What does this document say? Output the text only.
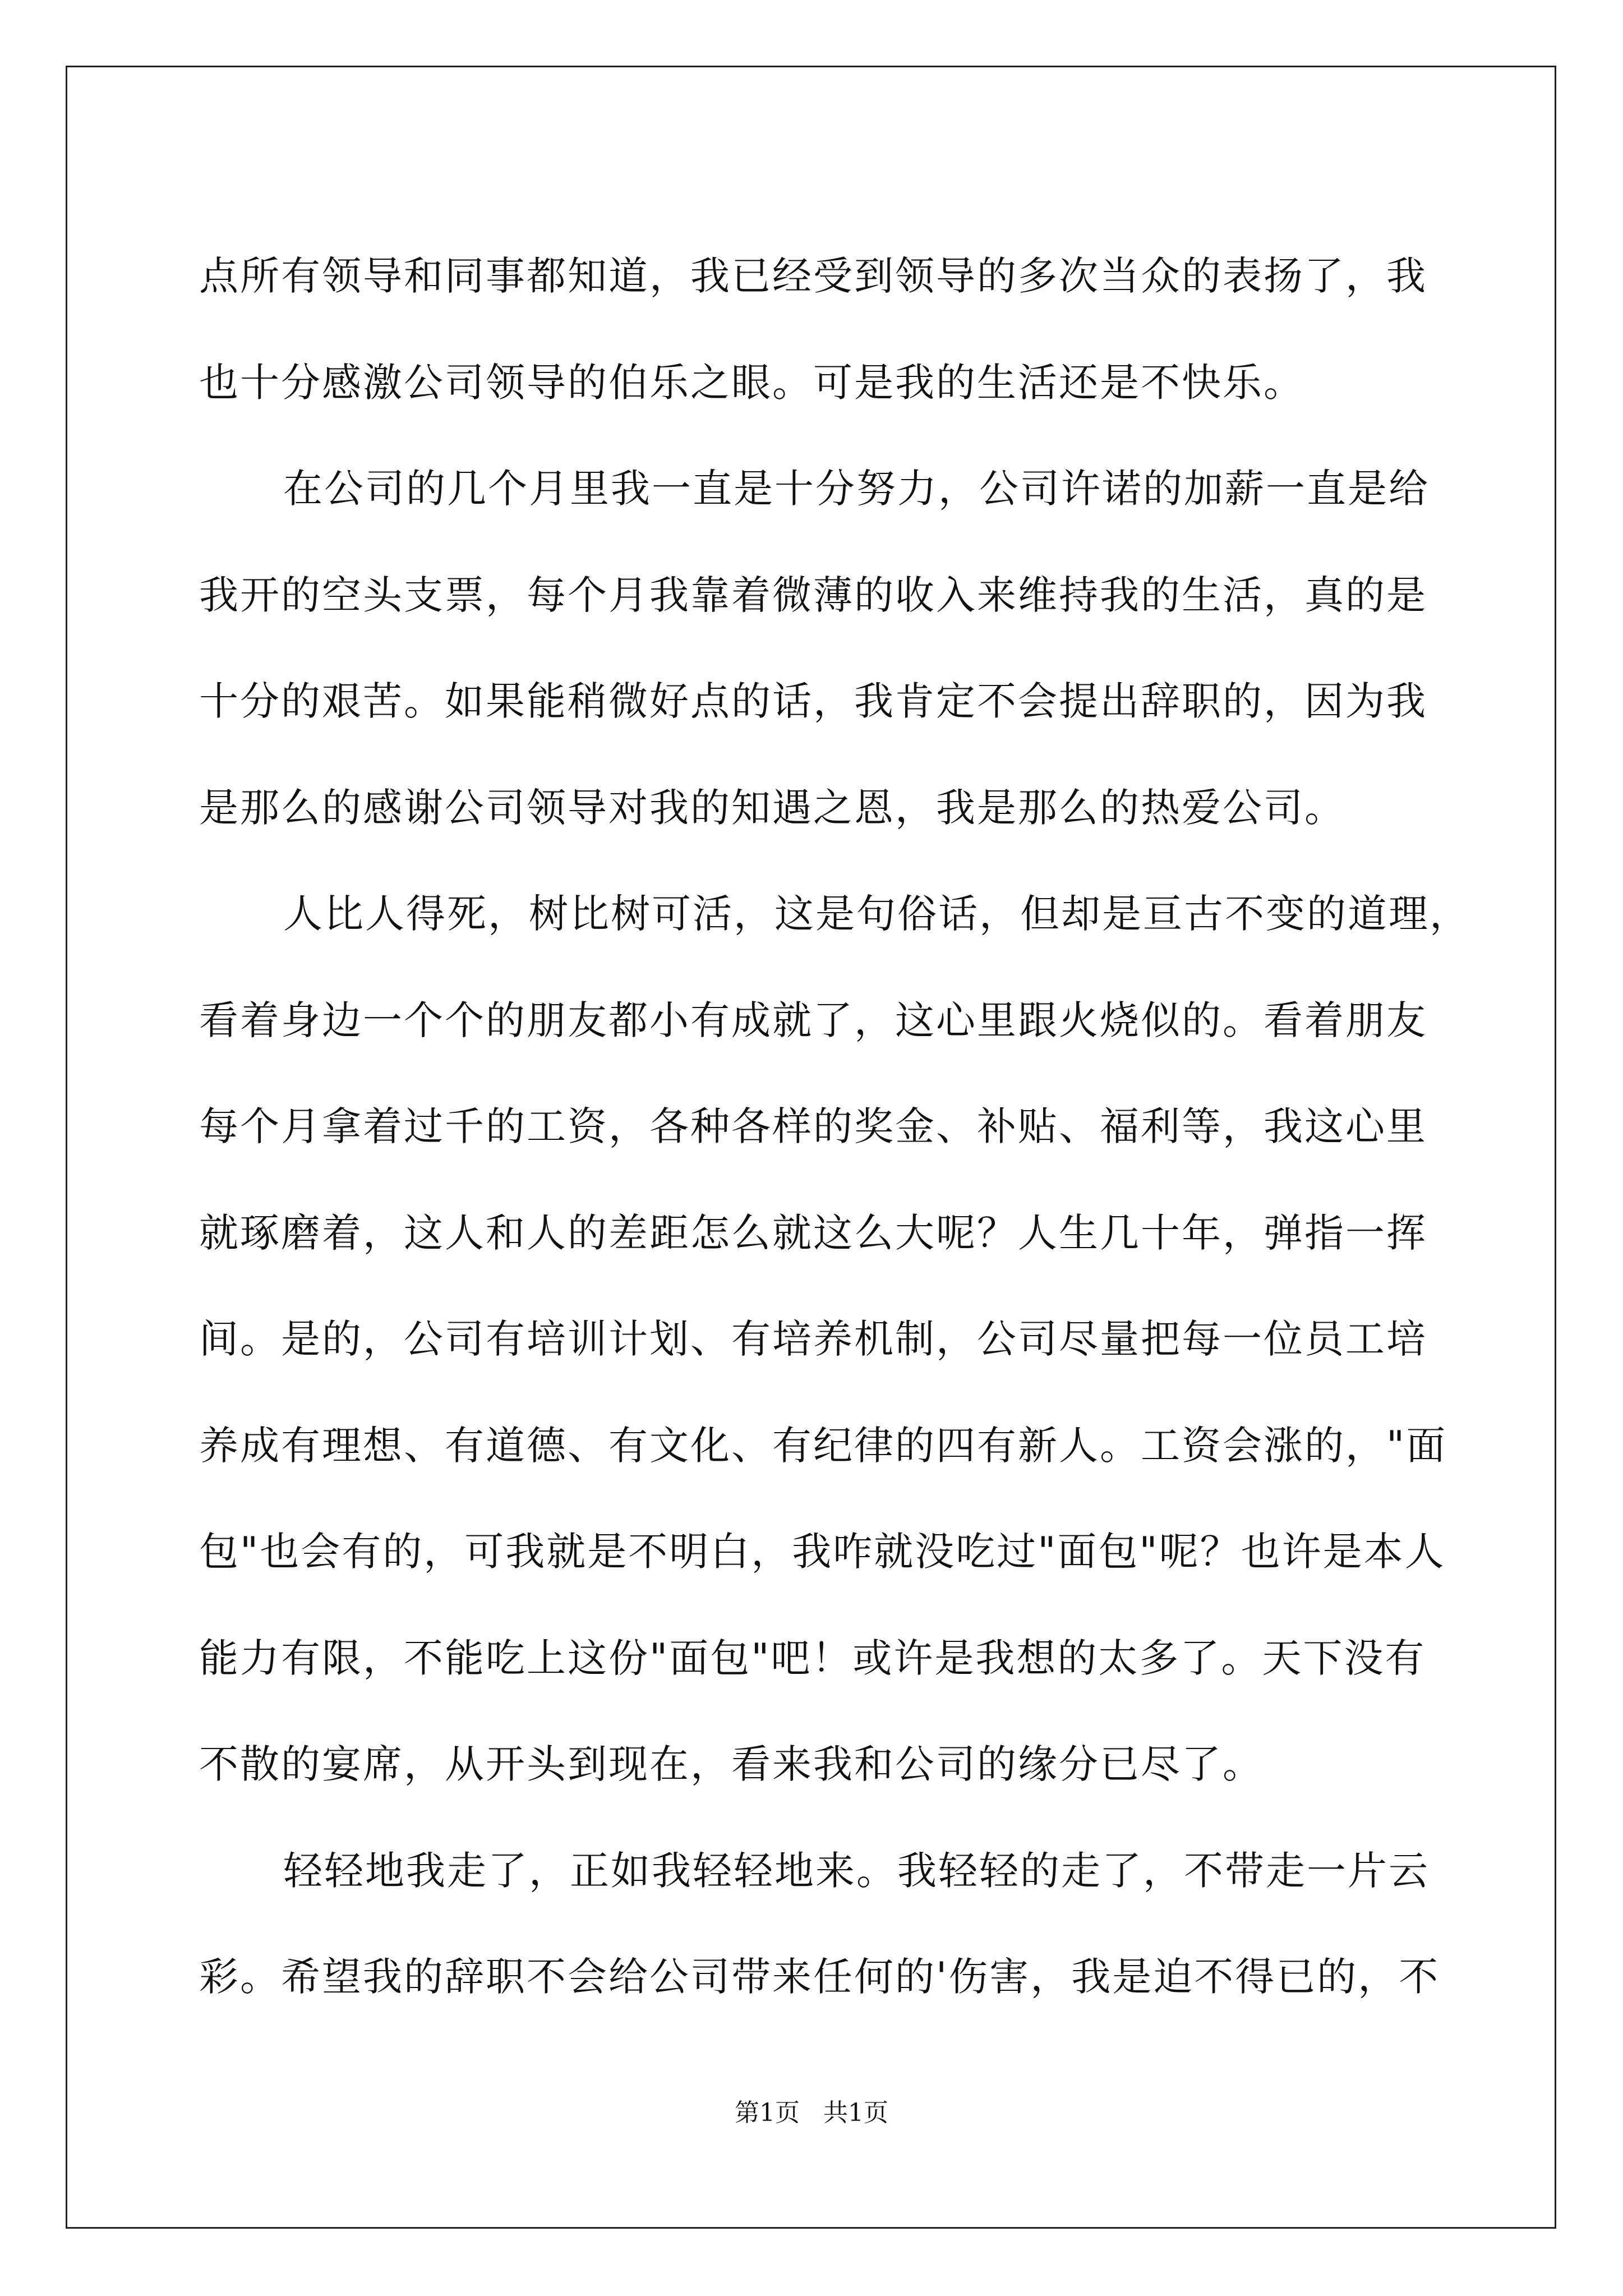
点所有领导和同事都知道，我已经受到领导的多次当众的表扬了，我
也十分感激公司领导的伯乐之眼。可是我的生活还是不快乐。
在公司的几个月里我一直是十分努力，公司许诺的加薪一直是给
我开的空头支票，每个月我靠着微薄的收入来维持我的生活，真的是
十分的艰苦。如果能稍微好点的话，我肯定不会提出辞职的，因为我
是那么的感谢公司领导对我的知遇之恩，我是那么的热爱公司。
人比人得死，树比树可活，这是句俗话，但却是亘古不变的道理，
看着身边一个个的朋友都小有成就了，这心里跟火烧似的。看着朋友
每个月拿着过千的工资，各种各样的奖金、补贴、福利等，我这心里
就琢磨着，这人和人的差距怎么就这么大呢？人生几十年，弹指一挥
间。是的，公司有培训计划、有培养机制，公司尽量把每一位员工培
养成有理想、有道德、有文化、有纪律的四有新人。工资会涨的，"面
包"也会有的，可我就是不明白，我咋就没吃过"面包"呢？也许是本人
能力有限，不能吃上这份"面包"吧！或许是我想的太多了。天下没有
不散的宴席，从开头到现在，看来我和公司的缘分已尽了。
轻轻地我走了，正如我轻轻地来。我轻轻的走了，不带走一片云
彩。希望我的辞职不会给公司带来任何的'伤害，我是迫不得已的，不
第1页   共1页
